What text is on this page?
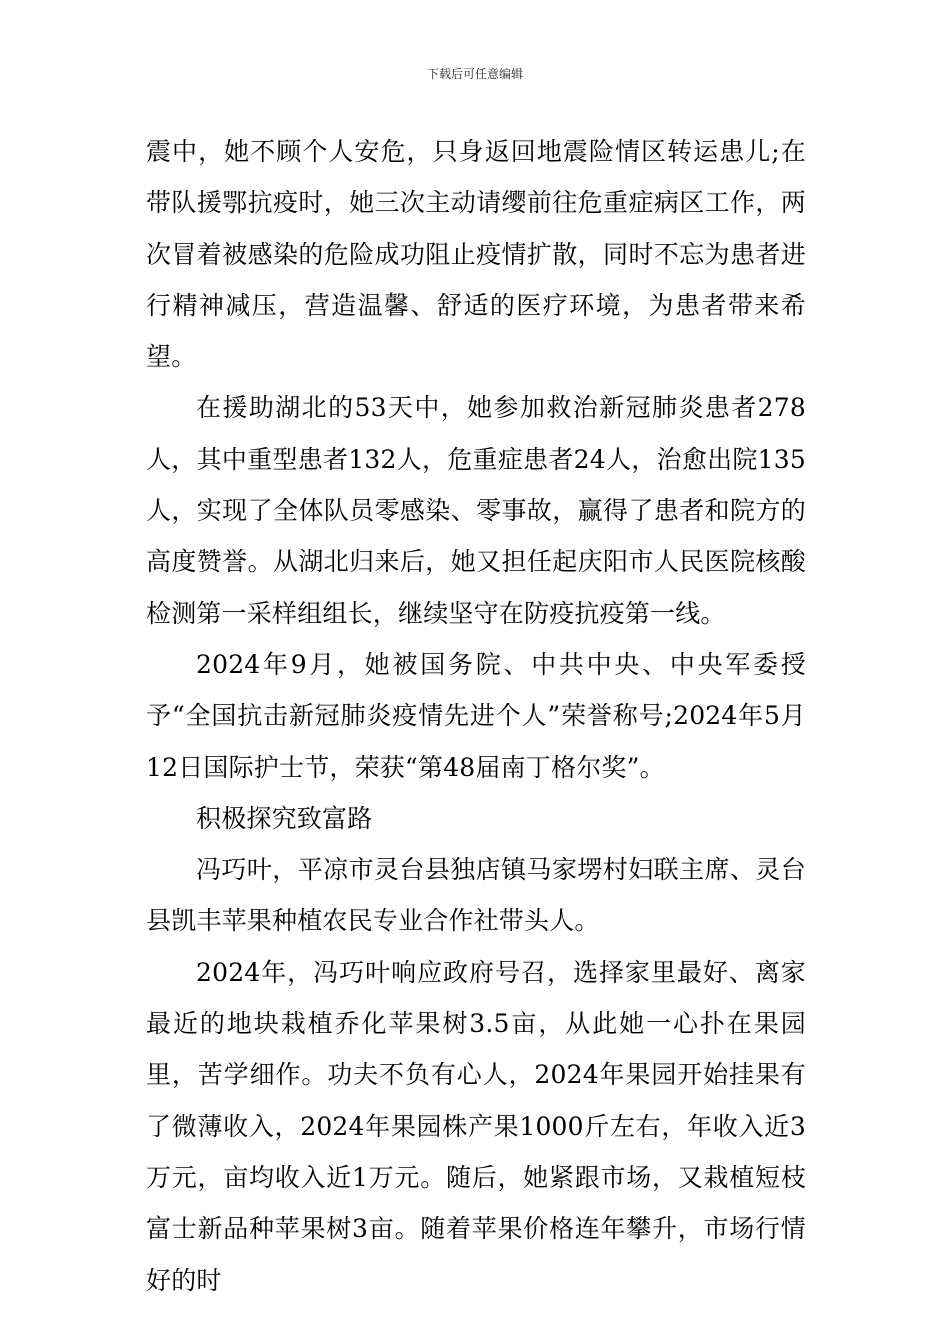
下载后可任意编辑

震中，她不顾个人安危，只身返回地震险情区转运患儿;在带队援鄂抗疫时，她三次主动请缨前往危重症病区工作，两次冒着被感染的危险成功阻止疫情扩散，同时不忘为患者进行精神减压，营造温馨、舒适的医疗环境，为患者带来希望。

在援助湖北的53天中，她参加救治新冠肺炎患者278人，其中重型患者132人，危重症患者24人，治愈出院135人，实现了全体队员零感染、零事故，赢得了患者和院方的高度赞誉。从湖北归来后，她又担任起庆阳市人民医院核酸检测第一采样组组长，继续坚守在防疫抗疫第一线。

2024年9月，她被国务院、中共中央、中央军委授予“全国抗击新冠肺炎疫情先进个人”荣誉称号;2024年5月12日国际护士节，荣获“第48届南丁格尔奖”。

积极探究致富路

冯巧叶，平凉市灵台县独店镇马家塄村妇联主席、灵台县凯丰苹果种植农民专业合作社带头人。

2024年，冯巧叶响应政府号召，选择家里最好、离家最近的地块栽植乔化苹果树3.5亩，从此她一心扑在果园里，苦学细作。功夫不负有心人，2024年果园开始挂果有了微薄收入，2024年果园株产果1000斤左右，年收入近3万元，亩均收入近1万元。随后，她紧跟市场，又栽植短枝富士新品种苹果树3亩。随着苹果价格连年攀升，市场行情好的时
